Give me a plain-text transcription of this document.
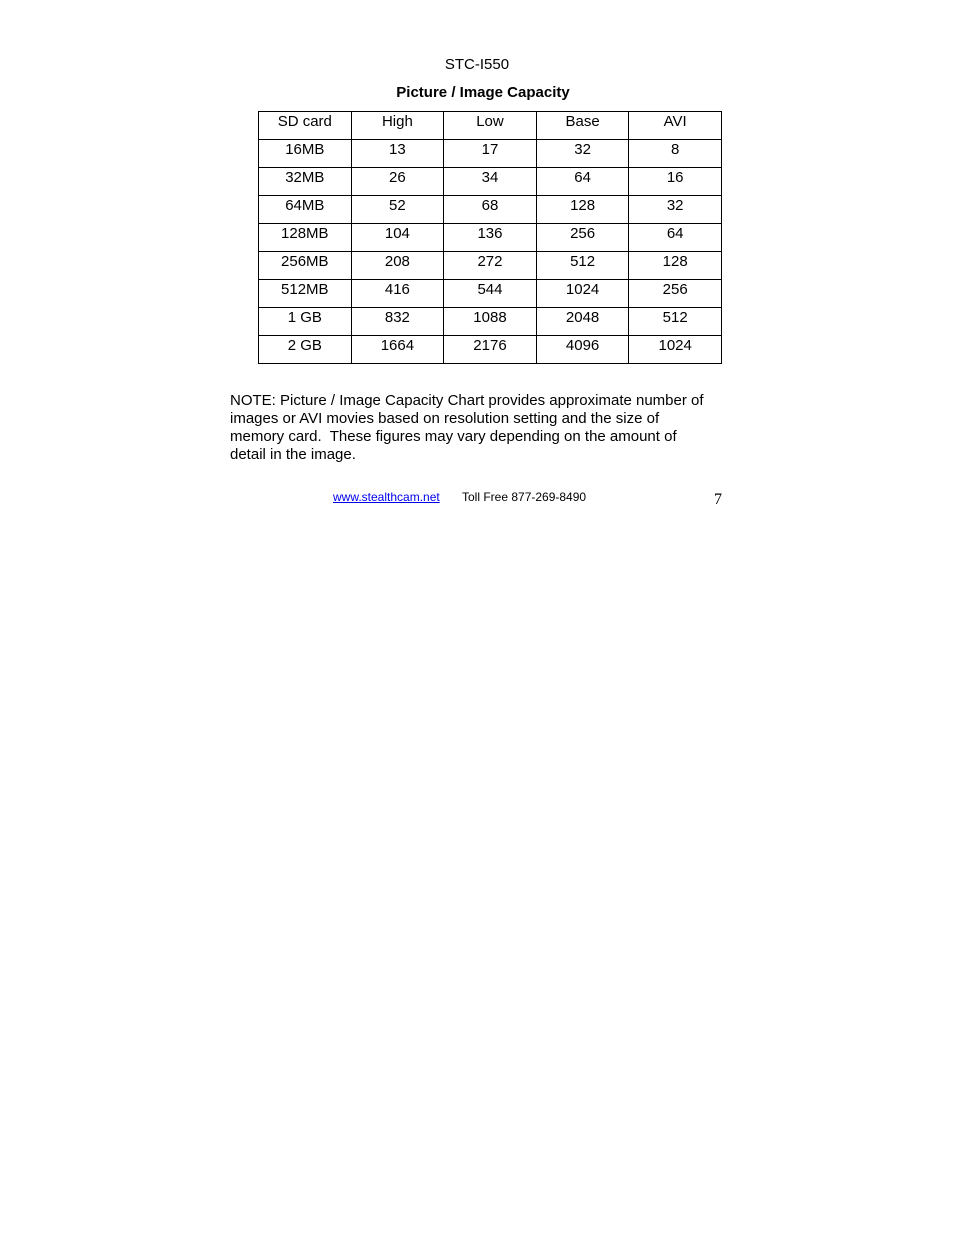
STC-I550
Picture / Image Capacity
SD card	High	Low	Base	AVI
16MB	13	17	32	8
32MB	26	34	64	16
64MB	52	68	128	32
128MB	104	136	256	64
256MB	208	272	512	128
512MB	416	544	1024	256
1 GB	832	1088	2048	512
2 GB	1664	2176	4096	1024
NOTE: Picture / Image Capacity Chart provides approximate number of
images or AVI movies based on resolution setting and the size of
memory card.  These figures may vary depending on the amount of
detail in the image.
www.stealthcam.net Toll Free 877-269-8490	7
